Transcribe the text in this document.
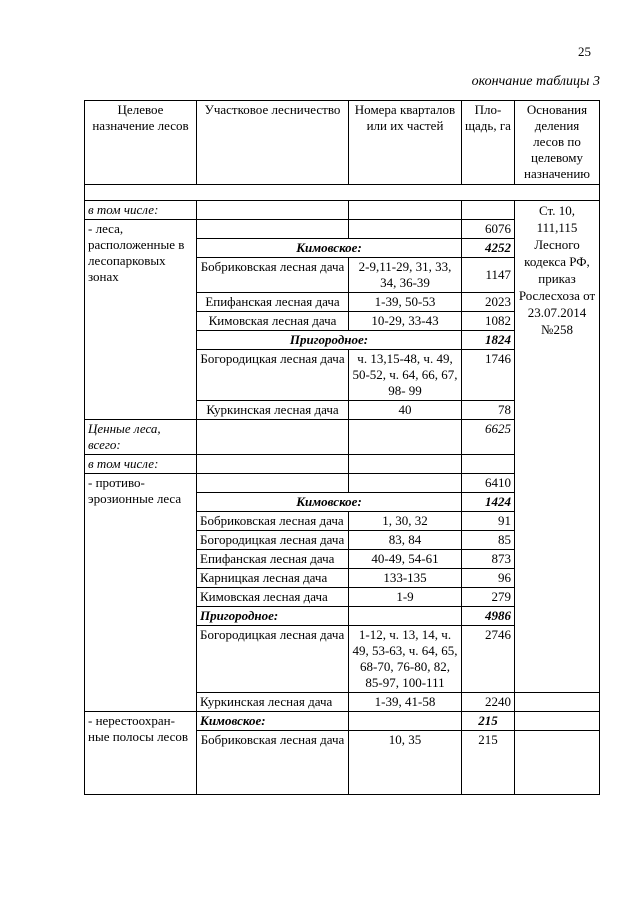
25
окончание таблицы 3
Целевое назначение лесов	Участковое лесничество	Номера кварталов или их частей	Пло-щадь, га	Основания деления лесов по целевому назначению	

в том числе:				Ст. 10, 111,115 Лесного кодекса РФ, приказ Рослесхоза от 23.07.2014 №258	
- леса, расположенные в лесопарковых зонах			6076		
	Кимовское:		4252		
	Бобриковская лесная дача	2-9,11-29, 31, 33, 34, 36-39	1147		
	Епифанская лесная дача	1-39, 50-53	2023		
	Кимовская лесная дача	10-29, 33-43	1082		
	Пригородное:		1824		
	Богородицкая лесная дача	ч. 13,15-48, ч. 49, 50-52, ч. 64, 66, 67, 98- 99	1746		
	Куркинская лесная дача	40	78		
Ценные леса, всего:			6625		
в том числе:					
- противо-эрозионные леса			6410		
	Кимовское:		1424		
	Бобриковская лесная дача	1, 30, 32	91		
	Богородицкая лесная дача	83, 84	85		
	Епифанская лесная дача	40-49, 54-61	873		
	Карницкая лесная дача	133-135	96		
	Кимовская лесная дача	1-9	279		
	Пригородное:		4986		
	Богородицкая лесная дача	1-12, ч. 13, 14, ч. 49, 53-63, ч. 64, 65, 68-70, 76-80, 82, 85-97, 100-111	2746		
	Куркинская лесная дача	1-39, 41-58	2240		
- нерестоохран-ные полосы лесов	Кимовское:		215		
	Бобриковская лесная дача	10, 35	215		
